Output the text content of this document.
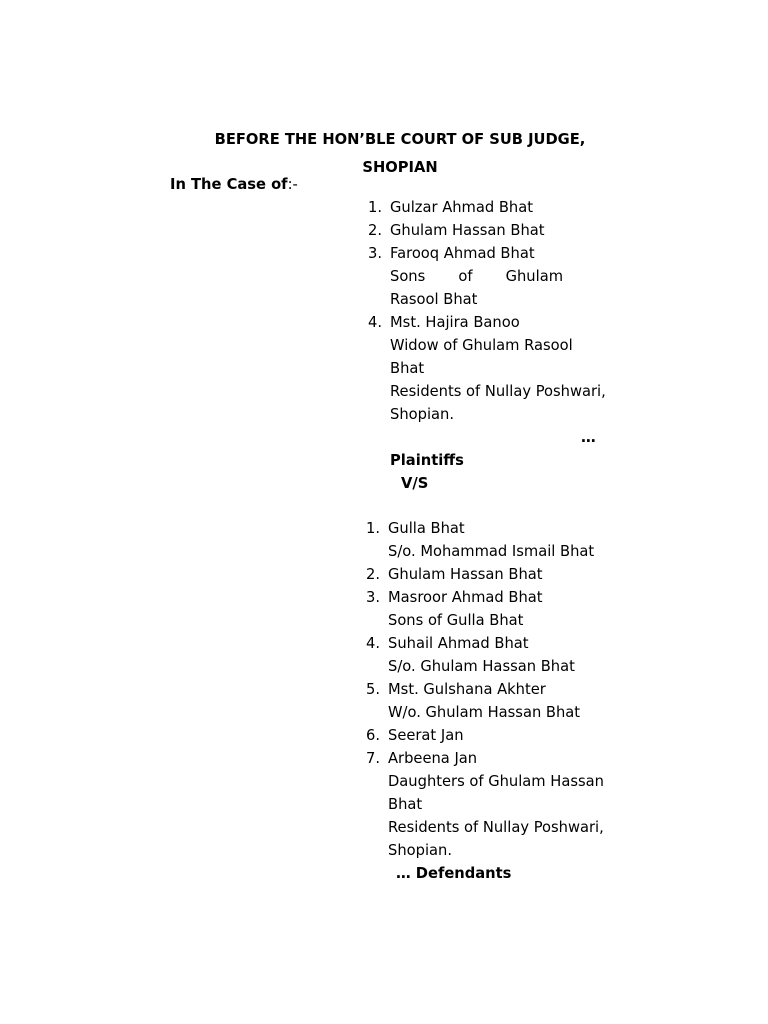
BEFORE THE HON’BLE COURT OF SUB JUDGE,
SHOPIAN
In The Case of:-
1. Gulzar Ahmad Bhat
2. Ghulam Hassan Bhat
3. Farooq Ahmad Bhat
Sons of Ghulam
Rasool Bhat
4. Mst. Hajira Banoo
Widow of Ghulam Rasool
Bhat
Residents of Nullay Poshwari,
Shopian.
…
Plaintiffs
V/S
1. Gulla Bhat
S/o. Mohammad Ismail Bhat
2. Ghulam Hassan Bhat
3. Masroor Ahmad Bhat
Sons of Gulla Bhat
4. Suhail Ahmad Bhat
S/o. Ghulam Hassan Bhat
5. Mst. Gulshana Akhter
W/o. Ghulam Hassan Bhat
6. Seerat Jan
7. Arbeena Jan
Daughters of Ghulam Hassan
Bhat
Residents of Nullay Poshwari,
Shopian.
… Defendants
